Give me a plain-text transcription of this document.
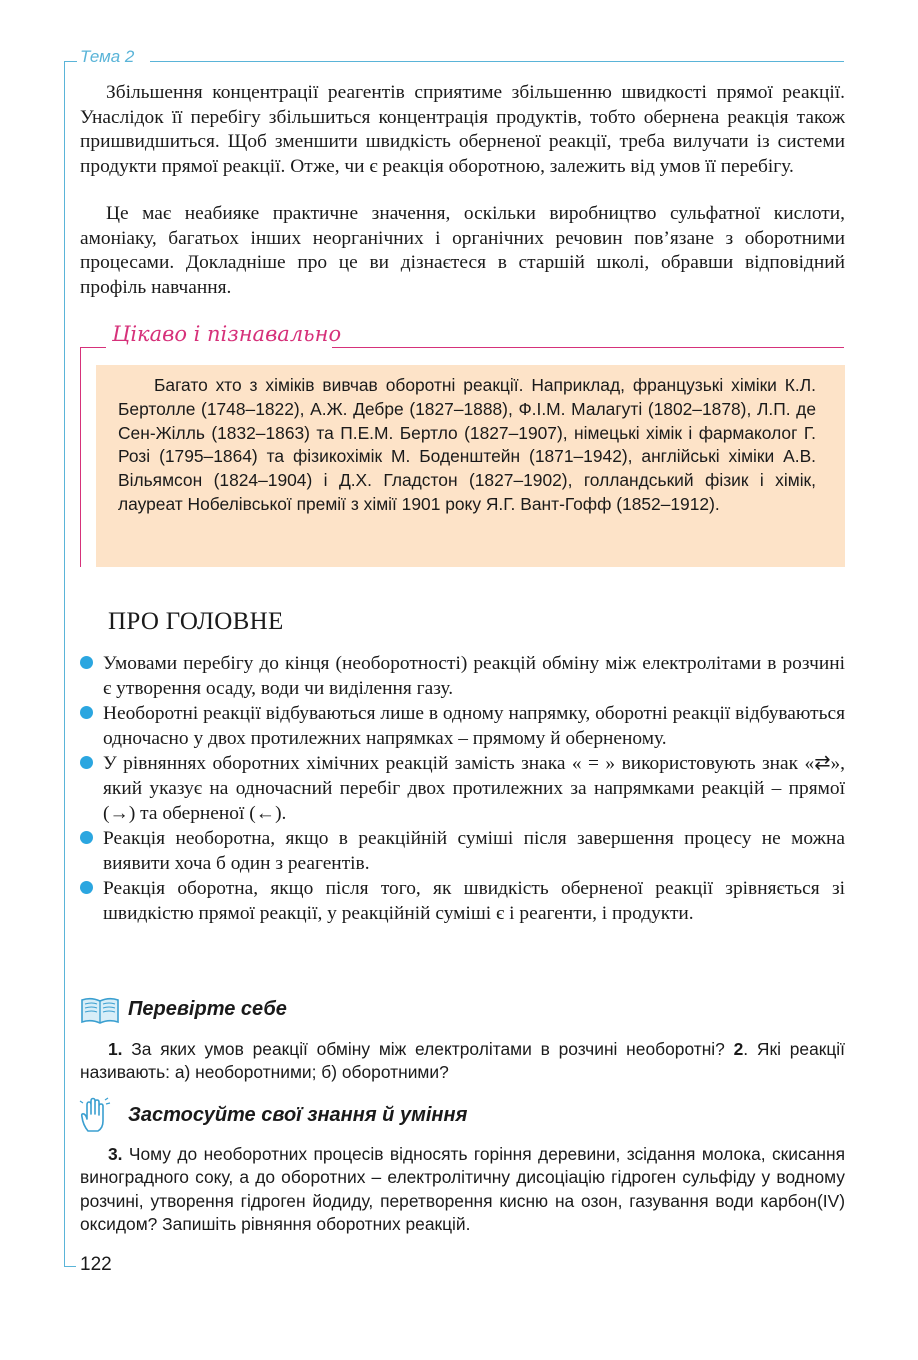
Тема 2

Збільшення концентрації реагентів сприятиме збільшенню швидкості прямої реакції. Унаслідок її перебігу збільшиться концентрація продуктів, тобто обернена реакція також пришвидшиться. Щоб зменшити швидкість оберненої реакції, треба вилучати із системи продукти прямої реакції. Отже, чи є реакція оборотною, залежить від умов її перебігу.

Це має неабияке практичне значення, оскільки виробництво сульфатної кислоти, амоніаку, багатьох інших неорганічних і органічних речовин пов’язане з оборотними процесами. Докладніше про це ви дізнаєтеся в старшій школі, обравши відповідний профіль навчання.

Цікаво і пізнавально

Багато хто з хіміків вивчав оборотні реакції. Наприклад, французькі хіміки К.Л. Бертолле (1748–1822), А.Ж. Дебре (1827–1888), Ф.І.М. Малагуті (1802–1878), Л.П. де Сен-Жілль (1832–1863) та П.Е.М. Бертло (1827–1907), німецькі хімік і фармаколог Г. Розі (1795–1864) та фізикохімік М. Боденштейн (1871–1942), англійські хіміки А.В. Вільямсон (1824–1904) і Д.Х. Гладстон (1827–1902), голландський фізик і хімік, лауреат Нобелівської премії з хімії 1901 року Я.Г. Вант-Гофф (1852–1912).

ПРО ГОЛОВНЕ
Умовами перебігу до кінця (необоротності) реакцій обміну між електролітами в розчині є утворення осаду, води чи виділення газу.
Необоротні реакції відбуваються лише в одному напрямку, оборотні реакції відбуваються одночасно у двох протилежних напрямках – прямому й оберненому.
У рівняннях оборотних хімічних реакцій замість знака « = » використовують знак «⇄», який указує на одночасний перебіг двох протилежних за напрямками реакцій – прямої (→) та оберненої (←).
Реакція необоротна, якщо в реакційній суміші після завершення процесу не можна виявити хоча б один з реагентів.
Реакція оборотна, якщо після того, як швидкість оберненої реакції зрівняється зі швидкістю прямої реакції, у реакційній суміші є і реагенти, і продукти.
Перевірте себе

1. За яких умов реакції обміну між електролітами в розчині необоротні? 2. Які реакції називають: а) необоротними; б) оборотними?

Застосуйте свої знання й уміння

3. Чому до необоротних процесів відносять горіння деревини, зсідання молока, скисання виноградного соку, а до оборотних – електролітичну дисоціацію гідроген сульфіду у водному розчині, утворення гідроген йодиду, перетворення кисню на озон, газування води карбон(IV) оксидом? Запишіть рівняння оборотних реакцій.

122
